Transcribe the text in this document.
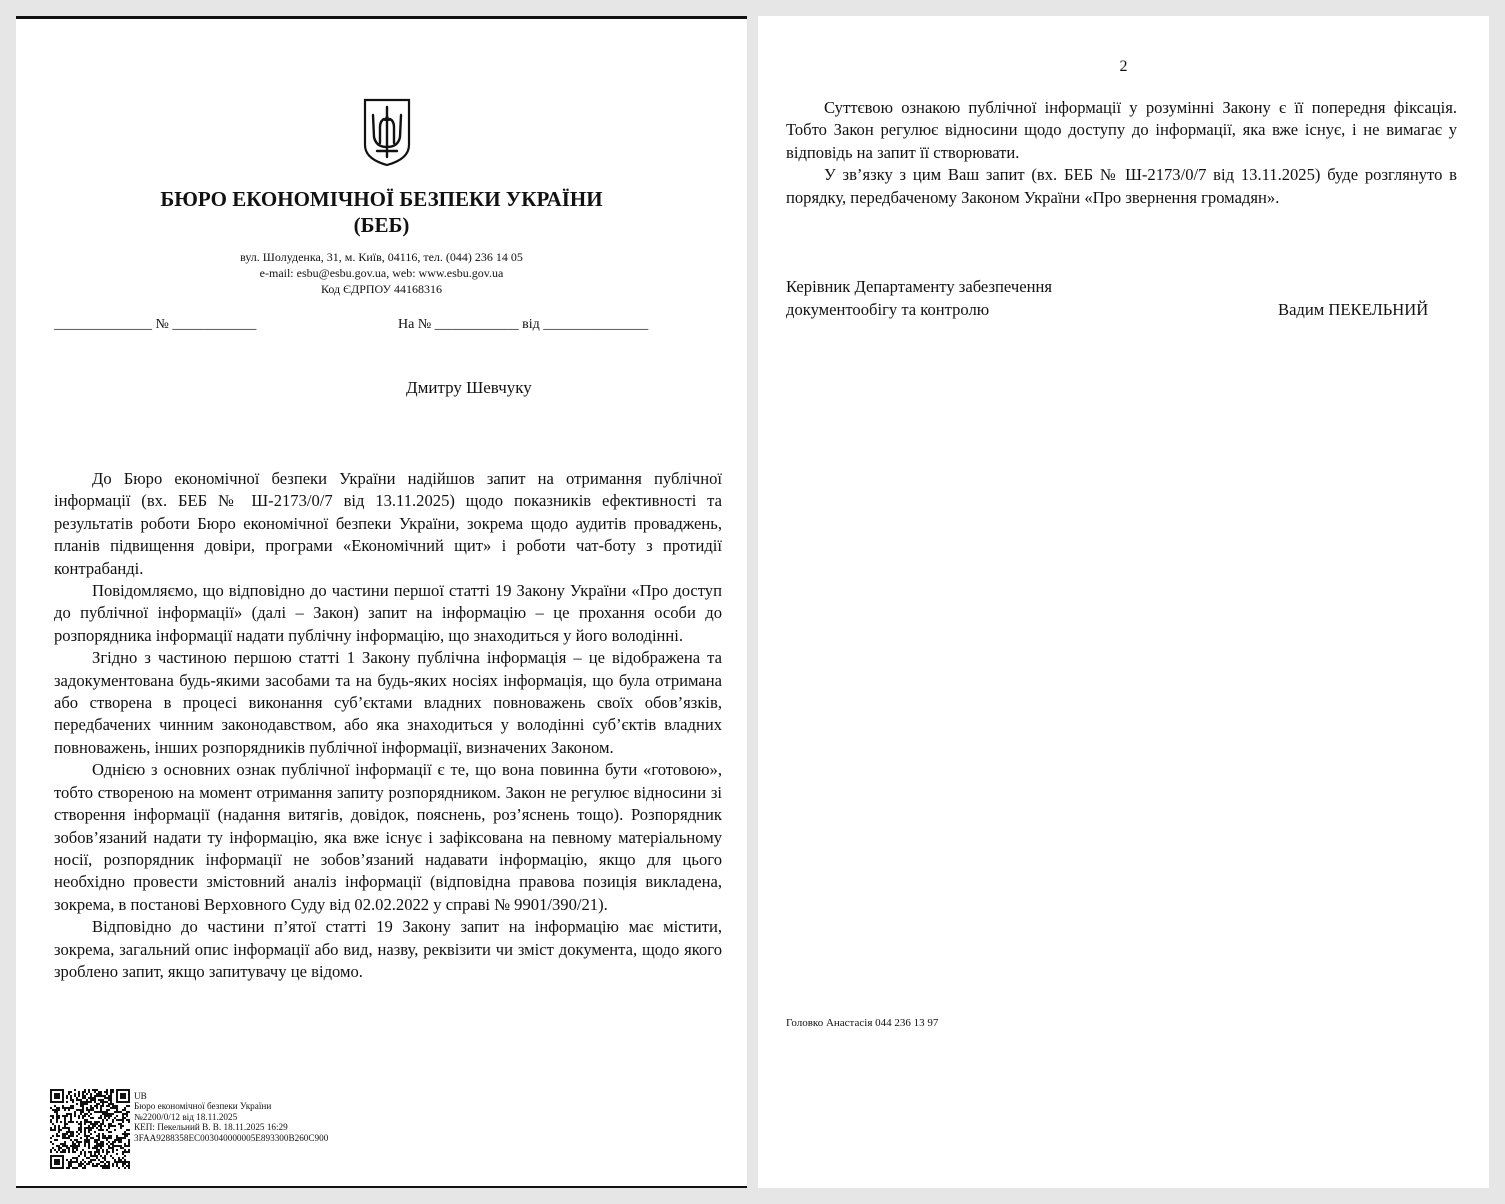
БЮРО ЕКОНОМІЧНОЇ БЕЗПЕКИ УКРАЇНИ
(БЕБ)
вул. Шолуденка, 31, м. Київ, 04116, тел. (044) 236 14 05
e-mail: esbu@esbu.gov.ua, web: www.esbu.gov.ua
Код ЄДРПОУ 44168316
______________ № ____________	На № ____________ від _______________
Дмитру Шевчуку

До Бюро економічної безпеки України надійшов запит на отримання публічної інформації (вх. БЕБ № Ш-2173/0/7 від 13.11.2025) щодо показників ефективності та результатів роботи Бюро економічної безпеки України, зокрема щодо аудитів проваджень, планів підвищення довіри, програми «Економічний щит» і роботи чат-боту з протидії контрабанді.

Повідомляємо, що відповідно до частини першої статті 19 Закону України «Про доступ до публічної інформації» (далі – Закон) запит на інформацію – це прохання особи до розпорядника інформації надати публічну інформацію, що знаходиться у його володінні.

Згідно з частиною першою статті 1 Закону публічна інформація – це відображена та задокументована будь-якими засобами та на будь-яких носіях інформація, що була отримана або створена в процесі виконання суб’єктами владних повноважень своїх обов’язків, передбачених чинним законодавством, або яка знаходиться у володінні суб’єктів владних повноважень, інших розпорядників публічної інформації, визначених Законом.

Однією з основних ознак публічної інформації є те, що вона повинна бути «готовою», тобто створеною на момент отримання запиту розпорядником. Закон не регулює відносини зі створення інформації (надання витягів, довідок, пояснень, роз’яснень тощо). Розпорядник зобов’язаний надати ту інформацію, яка вже існує і зафіксована на певному матеріальному носії, розпорядник інформації не зобов’язаний надавати інформацію, якщо для цього необхідно провести змістовний аналіз інформації (відповідна правова позиція викладена, зокрема, в постанові Верховного Суду від 02.02.2022 у справі № 9901/390/21).

Відповідно до частини п’ятої статті 19 Закону запит на інформацію має містити, зокрема, загальний опис інформації або вид, назву, реквізити чи зміст документа, щодо якого зроблено запит, якщо запитувачу це відомо.

UB
Бюро економічної безпеки України
№2200/0/12 від 18.11.2025
КЕП: Пекельний В. В. 18.11.2025 16:29
3FAA9288358EC003040000005E893300B260C900
2

Суттєвою ознакою публічної інформації у розумінні Закону є її попередня фіксація. Тобто Закон регулює відносини щодо доступу до інформації, яка вже існує, і не вимагає у відповідь на запит її створювати.

У зв’язку з цим Ваш запит (вх. БЕБ № Ш-2173/0/7 від 13.11.2025) буде розглянуто в порядку, передбаченому Законом України «Про звернення громадян».

Керівник Департаменту забезпечення
документообігу та контролю	Вадим ПЕКЕЛЬНИЙ
Головко Анастасія 044 236 13 97
